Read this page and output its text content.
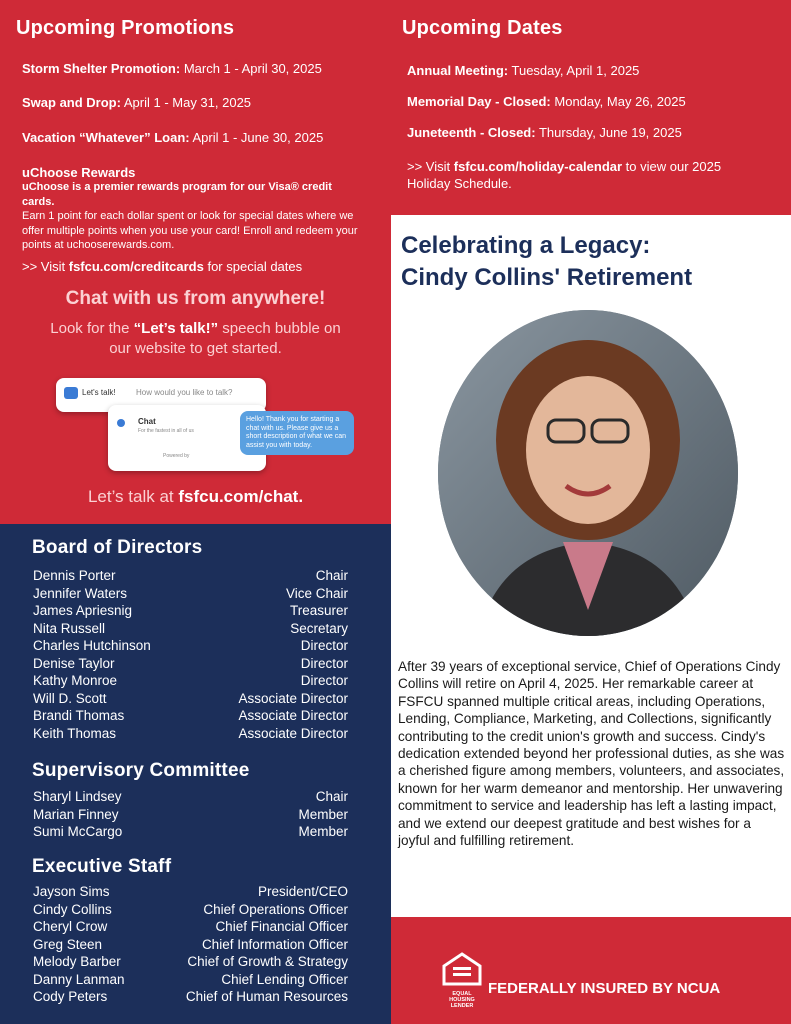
Upcoming Promotions
Storm Shelter Promotion: March 1 - April 30, 2025
Swap and Drop: April 1 - May 31, 2025
Vacation “Whatever” Loan: April 1 - June 30, 2025
uChoose Rewards
uChoose is a premier rewards program for our Visa® credit cards.
Earn 1 point for each dollar spent or look for special dates where we offer multiple points when you use your card! Enroll and redeem your points at uchooserewards.com.
>> Visit fsfcu.com/creditcards for special dates
Chat with us from anywhere!
Look for the “Let’s talk!” speech bubble on our website to get started.
Let's talk!	How would you like to talk?
Chat
For the fastest in all of us
Powered by
Hello! Thank you for starting a chat with us. Please give us a short description of what we can assist you with today.
Let’s talk at fsfcu.com/chat.
Upcoming Dates
Annual Meeting: Tuesday, April 1, 2025
Memorial Day - Closed: Monday, May 26, 2025
Juneteenth - Closed: Thursday, June 19, 2025
>> Visit fsfcu.com/holiday-calendar to view our 2025 Holiday Schedule.
Board of Directors
Dennis Porter	Chair
Jennifer Waters	Vice Chair
James Apriesnig	Treasurer
Nita Russell	Secretary
Charles Hutchinson	Director
Denise Taylor	Director
Kathy Monroe	Director
Will D. Scott	Associate Director
Brandi Thomas	Associate Director
Keith Thomas	Associate Director
Supervisory Committee
Sharyl Lindsey	Chair
Marian Finney	Member
Sumi McCargo	Member
Executive Staff
Jayson Sims	President/CEO
Cindy Collins	Chief Operations Officer
Cheryl Crow	Chief Financial Officer
Greg Steen	Chief Information Officer
Melody Barber	Chief of Growth & Strategy
Danny Lanman	Chief Lending Officer
Cody Peters	Chief of Human Resources
Celebrating a Legacy:
Cindy Collins' Retirement

After 39 years of exceptional service, Chief of Operations Cindy Collins will retire on April 4, 2025. Her remarkable career at FSFCU spanned multiple critical areas, including Operations, Lending, Compliance, Marketing, and Collections, significantly contributing to the credit union's growth and success. Cindy's dedication extended beyond her professional duties, as she was a cherished figure among members, volunteers, and associates, known for her warm demeanor and mentorship. Her unwavering commitment to service and leadership has left a lasting impact, and we extend our deepest gratitude and best wishes for a joyful and fulfilling retirement.

EQUAL HOUSING LENDER
FEDERALLY INSURED BY NCUA
